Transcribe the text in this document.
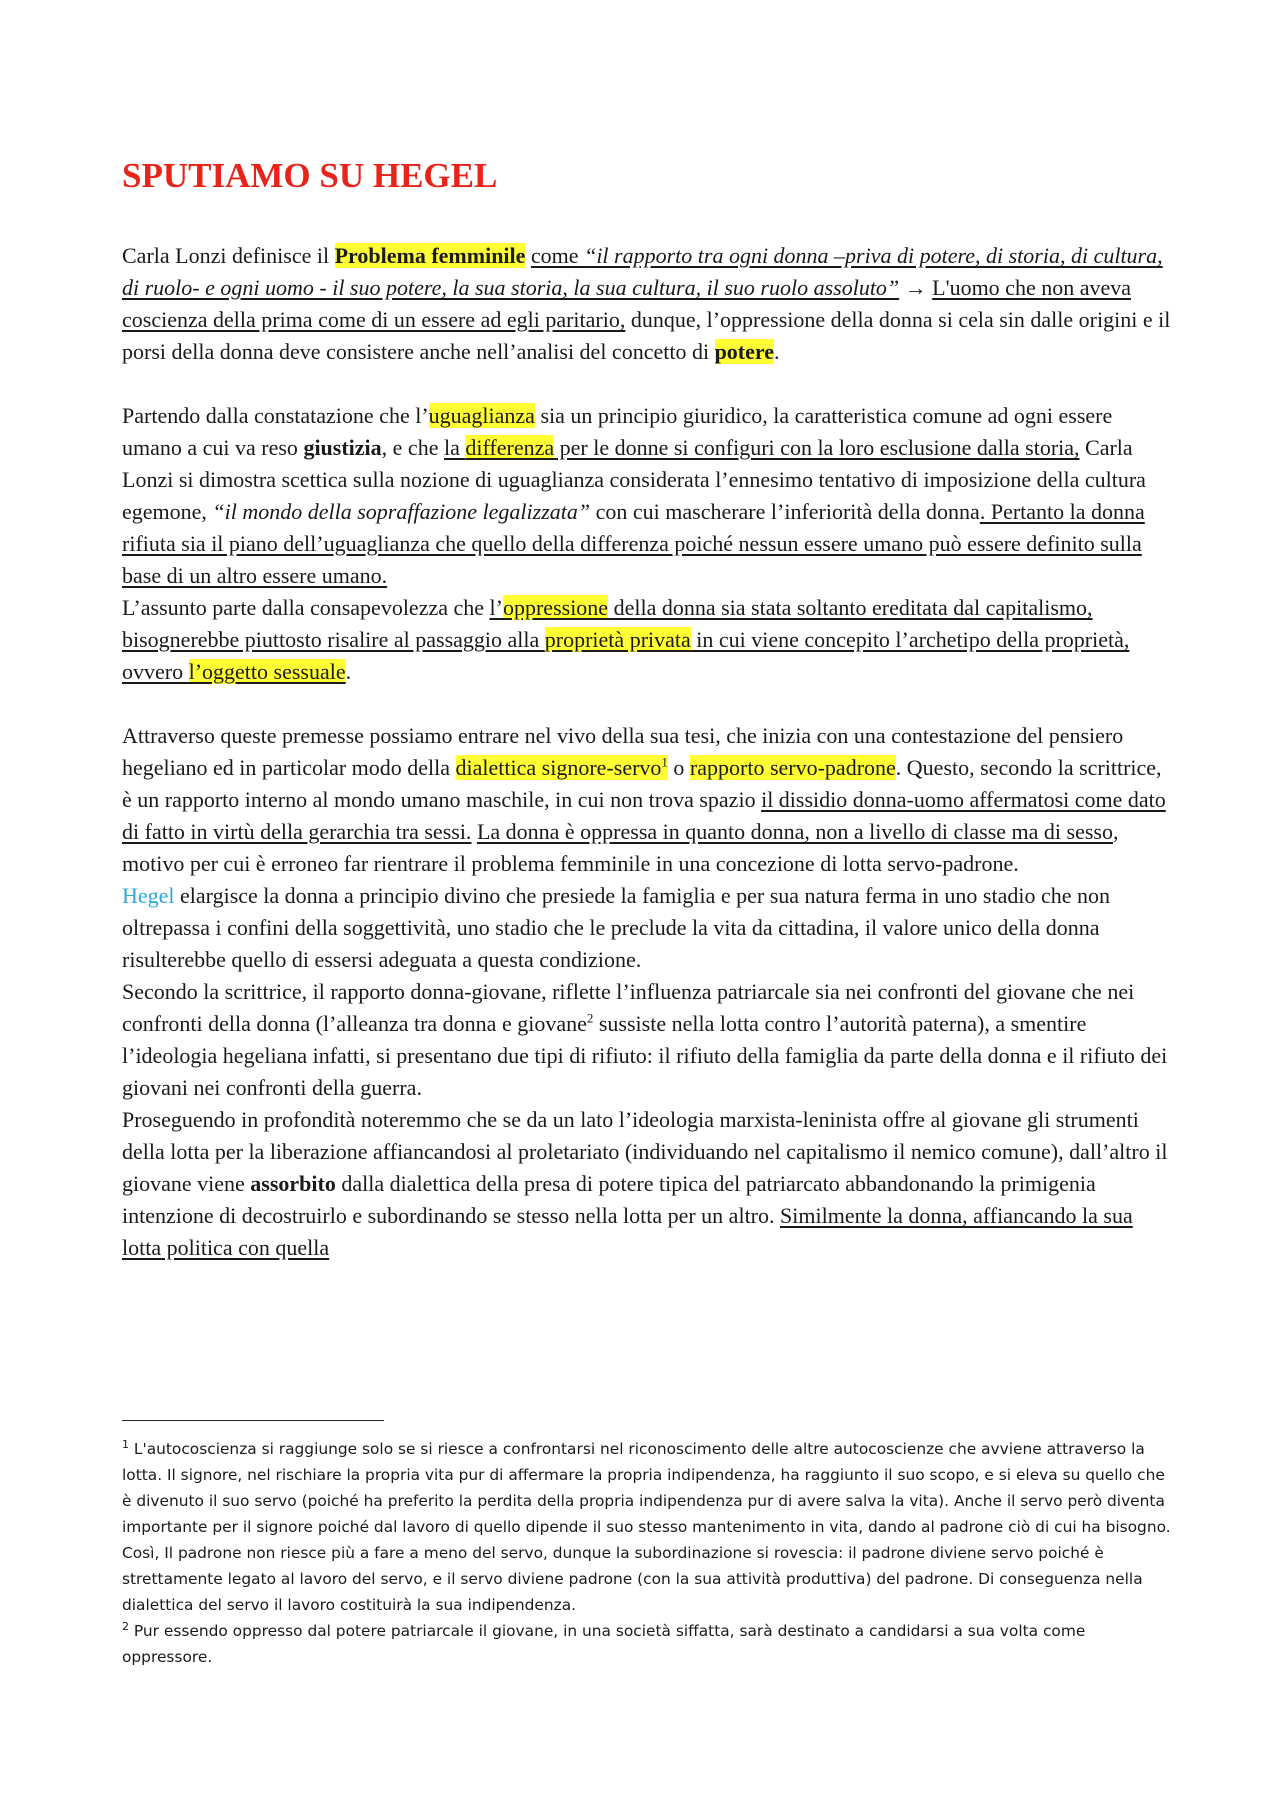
SPUTIAMO SU HEGEL

Carla Lonzi definisce il Problema femminile come “il rapporto tra ogni donna –priva di potere, di storia, di cultura, di ruolo- e ogni uomo - il suo potere, la sua storia, la sua cultura, il suo ruolo assoluto” → L'uomo che non aveva coscienza della prima come di un essere ad egli paritario, dunque, l’oppressione della donna si cela sin dalle origini e il porsi della donna deve consistere anche nell’analisi del concetto di potere.

Partendo dalla constatazione che l’uguaglianza sia un principio giuridico, la caratteristica comune ad ogni essere umano a cui va reso giustizia, e che la differenza per le donne si configuri con la loro esclusione dalla storia, Carla Lonzi si dimostra scettica sulla nozione di uguaglianza considerata l’ennesimo tentativo di imposizione della cultura egemone, “il mondo della sopraffazione legalizzata” con cui mascherare l’inferiorità della donna. Pertanto la donna rifiuta sia il piano dell’uguaglianza che quello della differenza poiché nessun essere umano può essere definito sulla base di un altro essere umano.

L’assunto parte dalla consapevolezza che l’oppressione della donna sia stata soltanto ereditata dal capitalismo, bisognerebbe piuttosto risalire al passaggio alla proprietà privata in cui viene concepito l’archetipo della proprietà, ovvero l’oggetto sessuale.

Attraverso queste premesse possiamo entrare nel vivo della sua tesi, che inizia con una contestazione del pensiero hegeliano ed in particolar modo della dialettica signore-servo$^1$ o rapporto servo-padrone. Questo, secondo la scrittrice, è un rapporto interno al mondo umano maschile, in cui non trova spazio il dissidio donna-uomo affermatosi come dato di fatto in virtù della gerarchia tra sessi. La donna è oppressa in quanto donna, non a livello di classe ma di sesso, motivo per cui è erroneo far rientrare il problema femminile in una concezione di lotta servo-padrone.

Hegel elargisce la donna a principio divino che presiede la famiglia e per sua natura ferma in uno stadio che non oltrepassa i confini della soggettività, uno stadio che le preclude la vita da cittadina, il valore unico della donna risulterebbe quello di essersi adeguata a questa condizione.

Secondo la scrittrice, il rapporto donna-giovane, riflette l’influenza patriarcale sia nei confronti del giovane che nei confronti della donna (l’alleanza tra donna e giovane$^2$ sussiste nella lotta contro l’autorità paterna), a smentire l’ideologia hegeliana infatti, si presentano due tipi di rifiuto: il rifiuto della famiglia da parte della donna e il rifiuto dei giovani nei confronti della guerra.

Proseguendo in profondità noteremmo che se da un lato l’ideologia marxista-leninista offre al giovane gli strumenti della lotta per la liberazione affiancandosi al proletariato (individuando nel capitalismo il nemico comune), dall’altro il giovane viene assorbito dalla dialettica della presa di potere tipica del patriarcato abbandonando la primigenia intenzione di decostruirlo e subordinando se stesso nella lotta per un altro. Similmente la donna, affiancando la sua lotta politica con quella

$^1$ L'autocoscienza si raggiunge solo se si riesce a confrontarsi nel riconoscimento delle altre autocoscienze che avviene attraverso la lotta. Il signore, nel rischiare la propria vita pur di affermare la propria indipendenza, ha raggiunto il suo scopo, e si eleva su quello che è divenuto il suo servo (poiché ha preferito la perdita della propria indipendenza pur di avere salva la vita). Anche il servo però diventa importante per il signore poiché dal lavoro di quello dipende il suo stesso mantenimento in vita, dando al padrone ciò di cui ha bisogno. Così, Il padrone non riesce più a fare a meno del servo, dunque la subordinazione si rovescia: il padrone diviene servo poiché è strettamente legato al lavoro del servo, e il servo diviene padrone (con la sua attività produttiva) del padrone. Di conseguenza nella dialettica del servo il lavoro costituirà la sua indipendenza.

$^2$ Pur essendo oppresso dal potere patriarcale il giovane, in una società siffatta, sarà destinato a candidarsi a sua volta come oppressore.
